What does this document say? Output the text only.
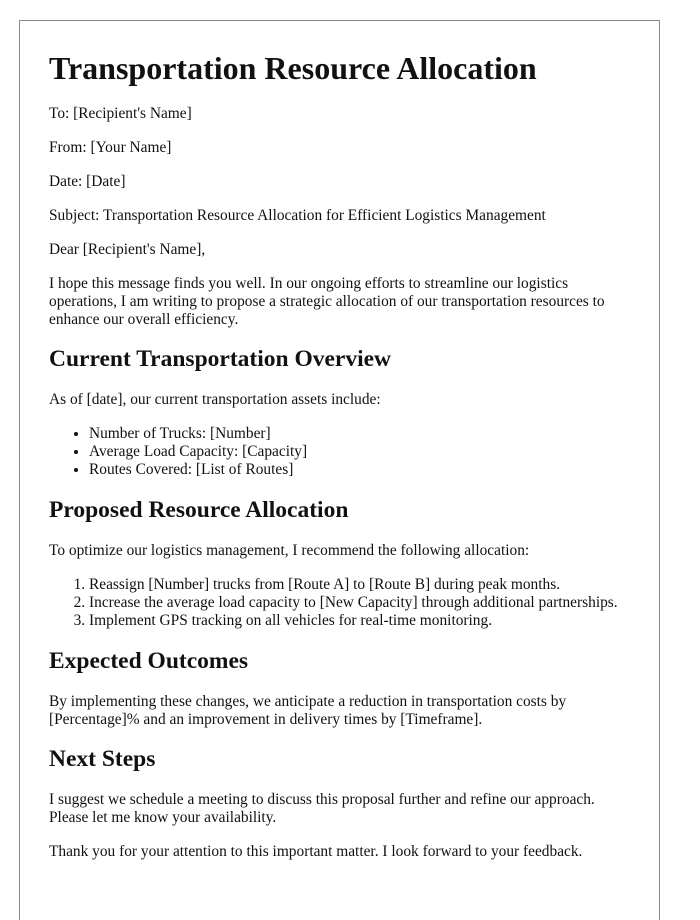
Transportation Resource Allocation

To: [Recipient's Name]

From: [Your Name]

Date: [Date]

Subject: Transportation Resource Allocation for Efficient Logistics Management

Dear [Recipient's Name],

I hope this message finds you well. In our ongoing efforts to streamline our logistics operations, I am writing to propose a strategic allocation of our transportation resources to enhance our overall efficiency.

Current Transportation Overview

As of [date], our current transportation assets include:

• Number of Trucks: [Number]
• Average Load Capacity: [Capacity]
• Routes Covered: [List of Routes]
Proposed Resource Allocation

To optimize our logistics management, I recommend the following allocation:

1. Reassign [Number] trucks from [Route A] to [Route B] during peak months.
2. Increase the average load capacity to [New Capacity] through additional partnerships.
3. Implement GPS tracking on all vehicles for real-time monitoring.
Expected Outcomes

By implementing these changes, we anticipate a reduction in transportation costs by [Percentage]% and an improvement in delivery times by [Timeframe].

Next Steps

I suggest we schedule a meeting to discuss this proposal further and refine our approach. Please let me know your availability.

Thank you for your attention to this important matter. I look forward to your feedback.
